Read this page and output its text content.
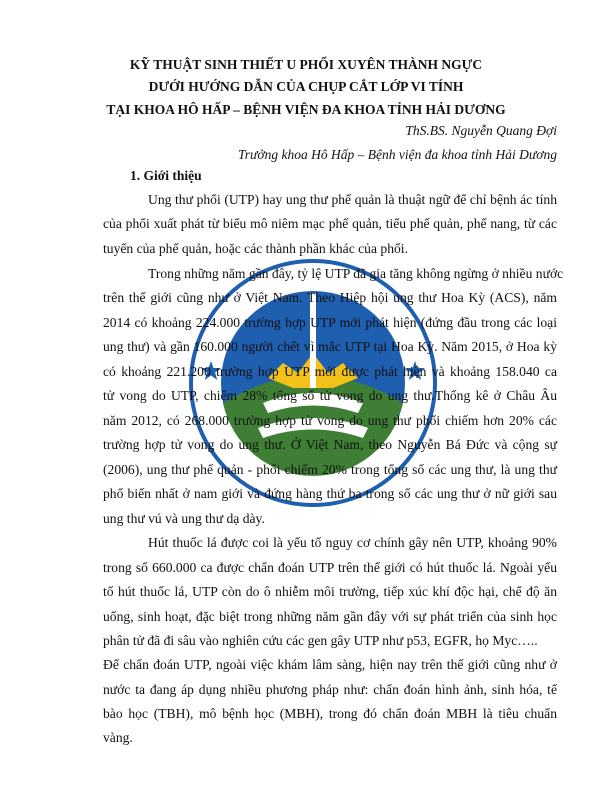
KỸ THUẬT SINH THIẾT U PHỔI XUYÊN THÀNH NGỰC
DƯỚI HƯỚNG DẪN CỦA CHỤP CẮT LỚP VI TÍNH
TẠI KHOA HÔ HẤP – BỆNH VIỆN ĐA KHOA TỈNH HẢI DƯƠNG
ThS.BS. Nguyễn Quang Đợi
Trưởng khoa Hô Hấp – Bệnh viện đa khoa tỉnh Hải Dương
1. Giới thiệu
Ung thư phổi (UTP) hay ung thư phế quản là thuật ngữ để chỉ bệnh ác tính
của phổi xuất phát từ biểu mô niêm mạc phế quản, tiểu phế quản, phế nang, từ các
tuyến của phế quản, hoặc các thành phần khác của phổi.
Trong những năm gần đây, tỷ lệ UTP đã gia tăng không ngừng ở nhiều nước
trên thế giới cũng như ở Việt Nam. Theo Hiệp hội ung thư Hoa Kỳ (ACS), năm
2014 có khoảng 224.000 trường hợp UTP mới phát hiện (đứng đầu trong các loại
ung thư) và gần 160.000 người chết vì mắc UTP tại Hoa Kỳ. Năm 2015, ở Hoa kỳ
có khoảng 221.200 trường hợp UTP mới được phát hiện và khoảng 158.040 ca
tử vong do UTP, chiếm 28% tổng số tử vong do ung thư.Thống kê ở Châu Âu
năm 2012, có 268.000 trường hợp tử vong do ung thư phổi chiếm hơn 20% các
trường hợp tử vong do ung thư. Ở Việt Nam, theo Nguyễn Bá Đức và cộng sự
(2006), ung thư phế quản - phổi chiếm 20% trong tổng số các ung thư, là ung thư
phổ biến nhất ở nam giới và đứng hàng thứ ba trong số các ung thư ở nữ giới sau
ung thư vú và ung thư dạ dày.
Hút thuốc lá được coi là yếu tố nguy cơ chính gây nên UTP, khoảng 90%
trong số 660.000 ca được chẩn đoán UTP trên thế giới có hút thuốc lá. Ngoài yếu
tố hút thuốc lá, UTP còn do ô nhiễm môi trường, tiếp xúc khí độc hại, chế độ ăn
uống, sinh hoạt, đặc biệt trong những năm gần đây với sự phát triển của sinh học
phân tử đã đi sâu vào nghiên cứu các gen gây UTP như p53, EGFR, họ Myc…..
Để chẩn đoán UTP, ngoài việc khám lâm sàng, hiện nay trên thế giới cũng như ở
nước ta đang áp dụng nhiều phương pháp như: chẩn đoán hình ảnh, sinh hóa, tế
bào học (TBH), mô bệnh học (MBH), trong đó chẩn đoán MBH là tiêu chuẩn
vàng.
